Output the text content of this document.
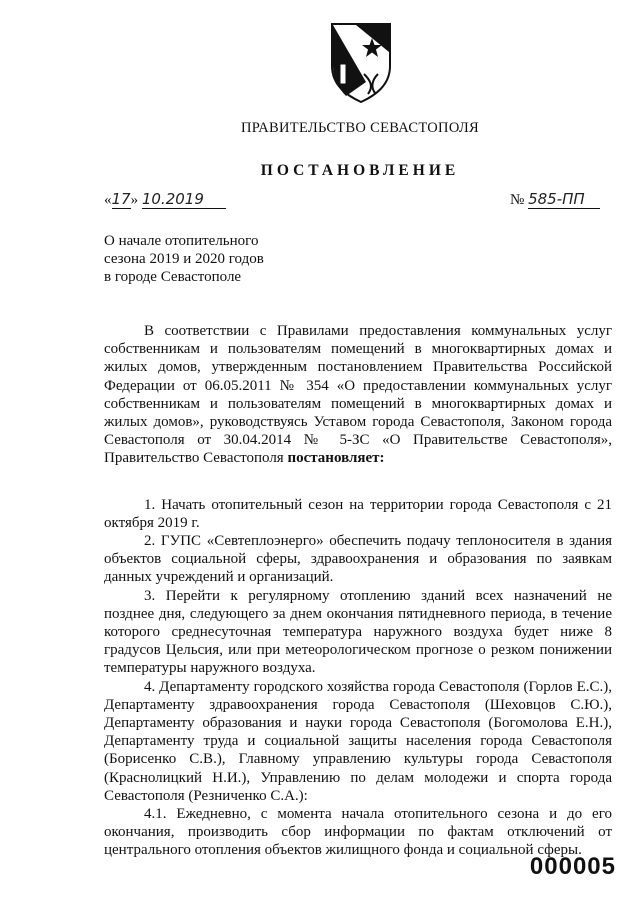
ПРАВИТЕЛЬСТВО СЕВАСТОПОЛЯ
ПОСТАНОВЛЕНИЕ
«17» 10.2019	№ 585-ПП
О начале отопительного
сезона 2019 и 2020 годов
в городе Севастополе

В соответствии с Правилами предоставления коммунальных услуг собственникам и пользователям помещений в многоквартирных домах и жилых домов, утвержденным постановлением Правительства Российской Федерации от 06.05.2011 № 354 «О предоставлении коммунальных услуг собственникам и пользователям помещений в многоквартирных домах и жилых домов», руководствуясь Уставом города Севастополя, Законом города Севастополя от 30.04.2014 № 5-ЗС «О Правительстве Севастополя», Правительство Севастополя постановляет:

1. Начать отопительный сезон на территории города Севастополя с 21 октября 2019 г.

2. ГУПС «Севтеплоэнерго» обеспечить подачу теплоносителя в здания объектов социальной сферы, здравоохранения и образования по заявкам данных учреждений и организаций.

3. Перейти к регулярному отоплению зданий всех назначений не позднее дня, следующего за днем окончания пятидневного периода, в течение которого среднесуточная температура наружного воздуха будет ниже 8 градусов Цельсия, или при метеорологическом прогнозе о резком понижении температуры наружного воздуха.

4. Департаменту городского хозяйства города Севастополя (Горлов Е.С.), Департаменту здравоохранения города Севастополя (Шеховцов С.Ю.), Департаменту образования и науки города Севастополя (Богомолова Е.Н.), Департаменту труда и социальной защиты населения города Севастополя (Борисенко С.В.), Главному управлению культуры города Севастополя (Краснолицкий Н.И.), Управлению по делам молодежи и спорта города Севастополя (Резниченко С.А.):

4.1. Ежедневно, с момента начала отопительного сезона и до его окончания, производить сбор информации по фактам отключений от центрального отопления объектов жилищного фонда и социальной сферы.

000005
